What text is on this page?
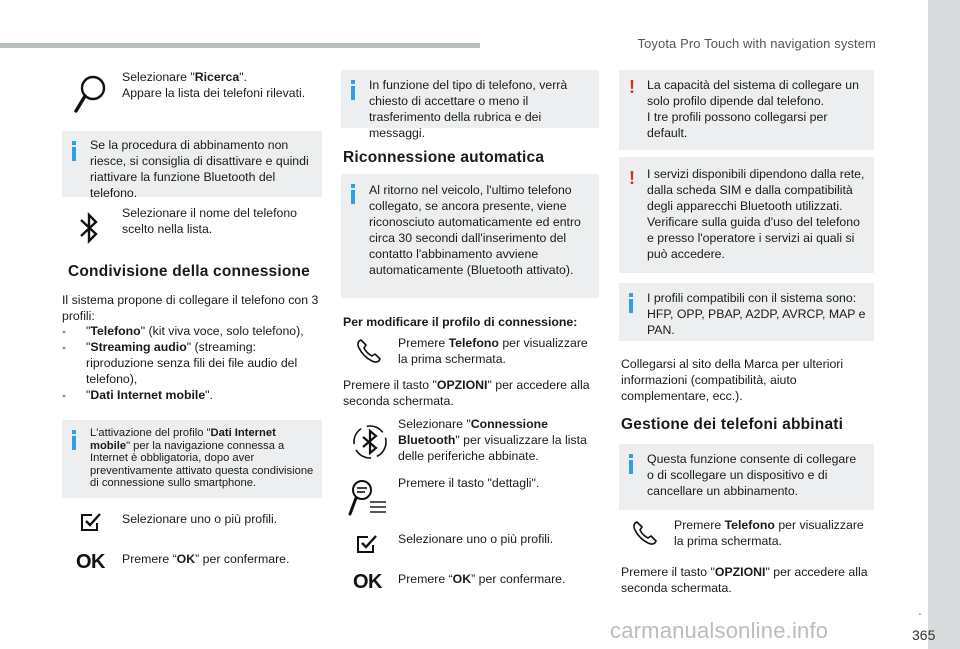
Toyota Pro Touch with navigation system
.
365
carmanualsonline.info
Selezionare "Ricerca".
Appare la lista dei telefoni rilevati.
Se la procedura di abbinamento non riesce, si consiglia di disattivare e quindi riattivare la funzione Bluetooth del telefono.
Selezionare il nome del telefono scelto nella lista.
Condivisione della connessione
Il sistema propone di collegare il telefono con 3 profili:
-	"Telefono" (kit viva voce, solo telefono),
-	"Streaming audio" (streaming: riproduzione senza fili dei file audio del telefono),
-	"Dati Internet mobile".
L'attivazione del profilo "Dati Internet mobile" per la navigazione connessa a Internet è obbligatoria, dopo aver preventivamente attivato questa condivisione di connessione sullo smartphone.
Selezionare uno o più profili.
OK Premere “OK” per confermare.
In funzione del tipo di telefono, verrà chiesto di accettare o meno il trasferimento della rubrica e dei messaggi.
Riconnessione automatica
Al ritorno nel veicolo, l'ultimo telefono collegato, se ancora presente, viene riconosciuto automaticamente ed entro circa 30 secondi dall'inserimento del contatto l'abbinamento avviene automaticamente (Bluetooth attivato).
Per modificare il profilo di connessione:
Premere Telefono per visualizzare la prima schermata.
Premere il tasto "OPZIONI" per accedere alla seconda schermata.
Selezionare "Connessione Bluetooth" per visualizzare la lista delle periferiche abbinate.
Premere il tasto "dettagli".
Selezionare uno o più profili.
OK Premere “OK” per confermare.
! La capacità del sistema di collegare un solo profilo dipende dal telefono.
I tre profili possono collegarsi per default.
! I servizi disponibili dipendono dalla rete, dalla scheda SIM e dalla compatibilità degli apparecchi Bluetooth utilizzati. Verificare sulla guida d'uso del telefono e presso l'operatore i servizi ai quali si può accedere.
I profili compatibili con il sistema sono: HFP, OPP, PBAP, A2DP, AVRCP, MAP e PAN.
Collegarsi al sito della Marca per ulteriori informazioni (compatibilità, aiuto complementare, ecc.).
Gestione dei telefoni abbinati
Questa funzione consente di collegare o di scollegare un dispositivo e di cancellare un abbinamento.
Premere Telefono per visualizzare la prima schermata.
Premere il tasto "OPZIONI" per accedere alla seconda schermata.
